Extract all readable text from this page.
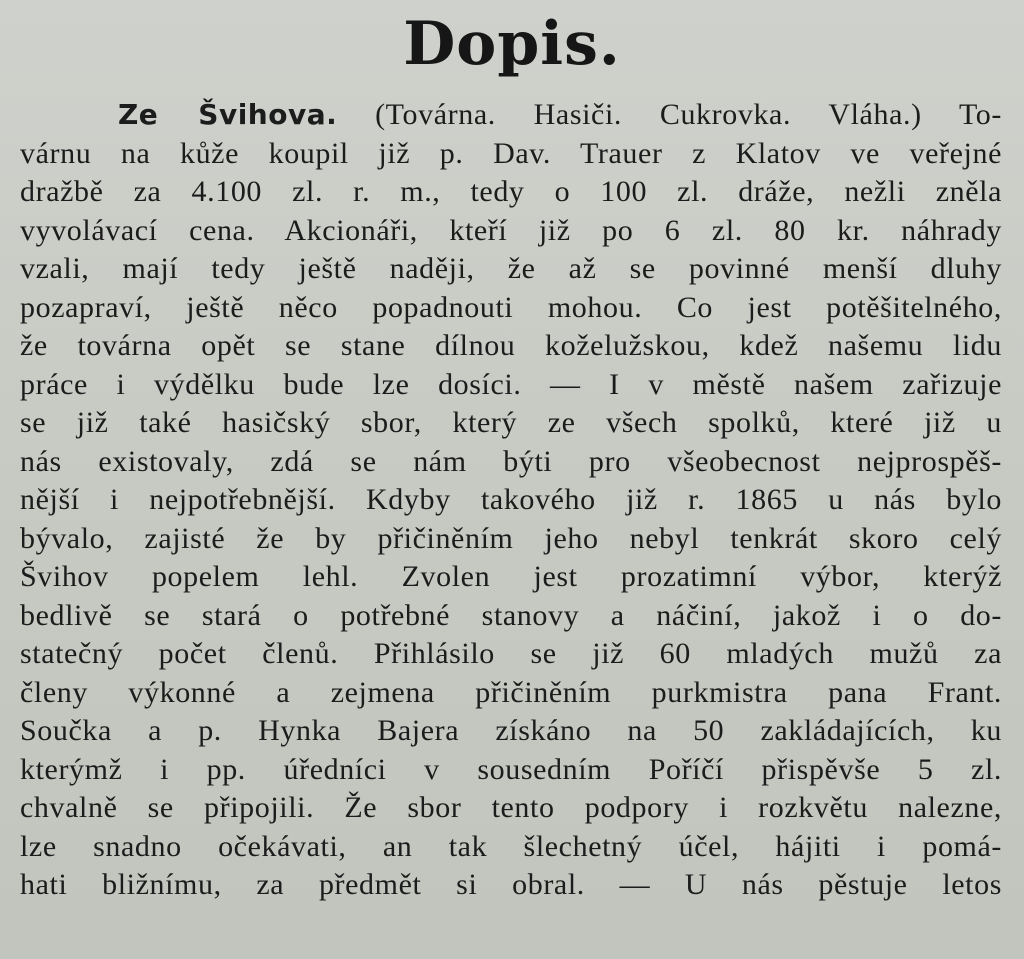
Dopis.
Ze Švihova. (Továrna. Hasiči. Cukrovka. Vláha.) To-
várnu na kůže koupil již p. Dav. Trauer z Klatov ve veřejné
dražbě za 4.100 zl. r. m., tedy o 100 zl. dráže, nežli zněla
vyvolávací cena. Akcionáři, kteří již po 6 zl. 80 kr. náhrady
vzali, mají tedy ještě naději, že až se povinné menší dluhy
pozapraví, ještě něco popadnouti mohou. Co jest potěšitelného,
že továrna opět se stane dílnou koželužskou, kdež našemu lidu
práce i výdělku bude lze dosíci. — I v městě našem zařizuje
se již také hasičský sbor, který ze všech spolků, které již u
nás existovaly, zdá se nám býti pro všeobecnost nejprospěš-
nější i nejpotřebnější. Kdyby takového již r. 1865 u nás bylo
bývalo, zajisté že by přičiněním jeho nebyl tenkrát skoro celý
Švihov popelem lehl. Zvolen jest prozatimní výbor, kterýž
bedlivě se stará o potřebné stanovy a náčiní, jakož i o do-
statečný počet členů. Přihlásilo se již 60 mladých mužů za
členy výkonné a zejmena přičiněním purkmistra pana Frant.
Součka a p. Hynka Bajera získáno na 50 zakládajících, ku
kterýmž i pp. úředníci v sousedním Poříčí přispěvše 5 zl.
chvalně se připojili. Že sbor tento podpory i rozkvětu nalezne,
lze snadno očekávati, an tak šlechetný účel, hájiti i pomá-
hati bližnímu, za předmět si obral. — U nás pěstuje letos
